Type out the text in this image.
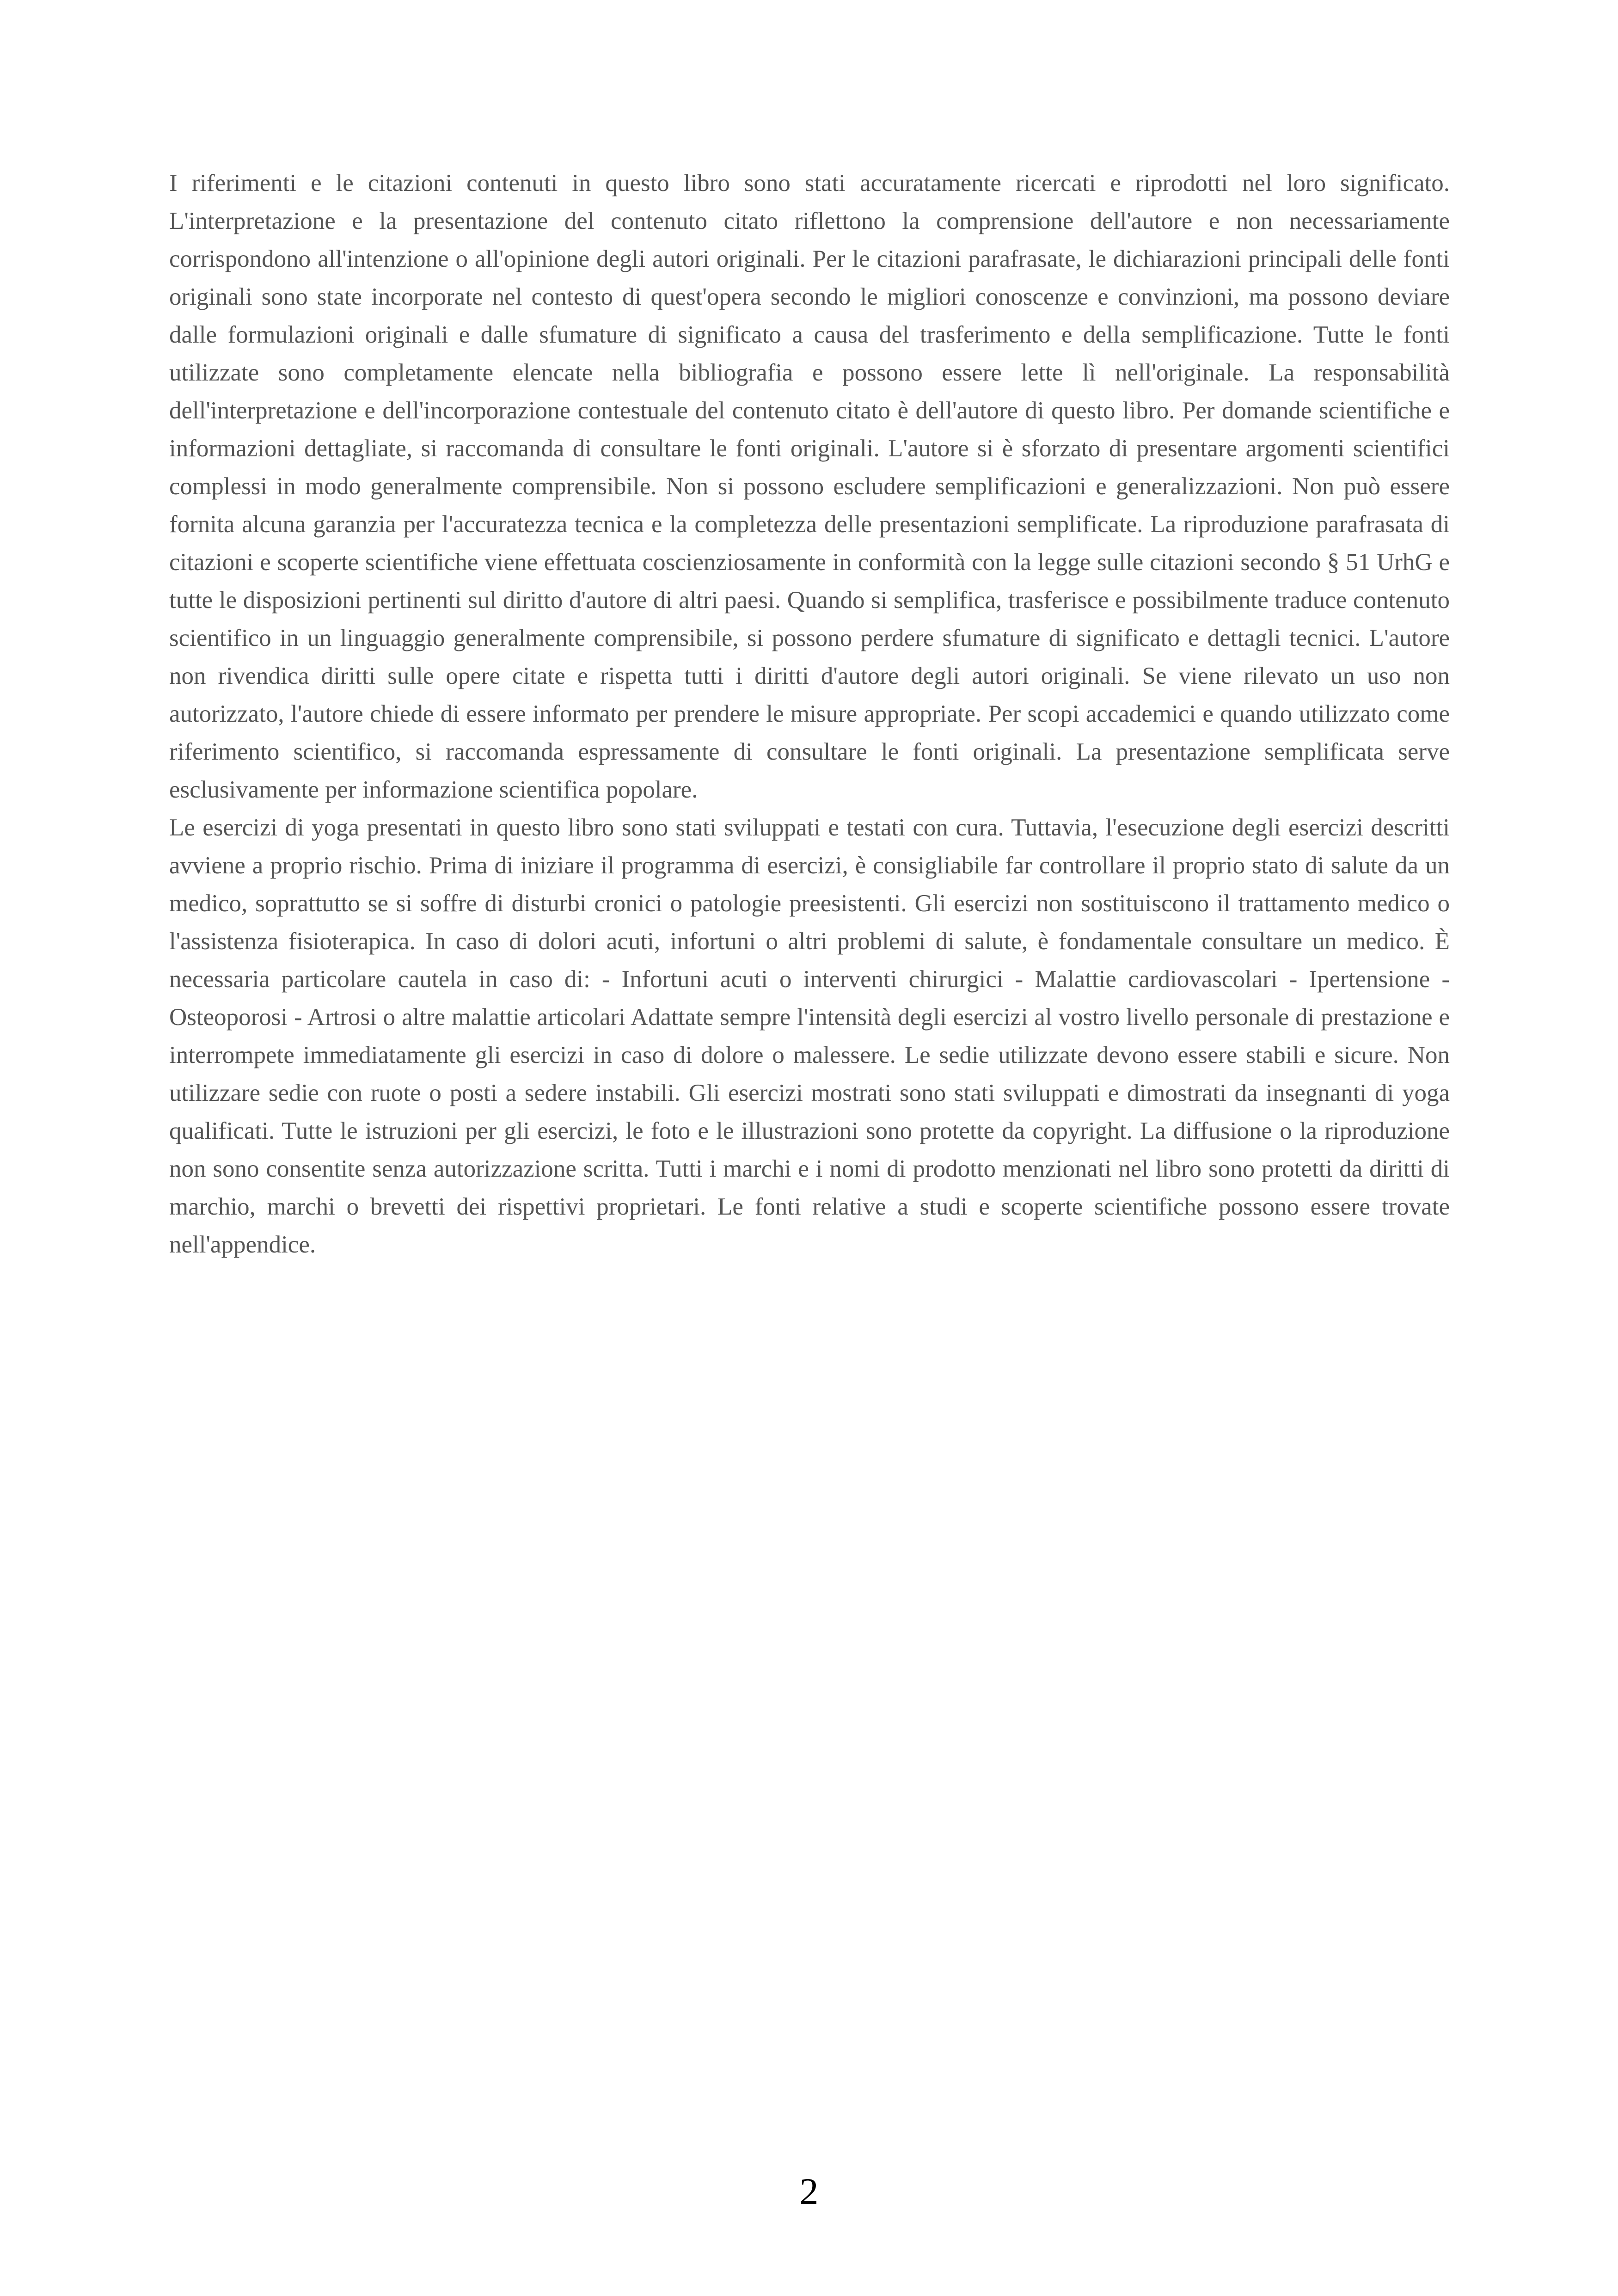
I riferimenti e le citazioni contenuti in questo libro sono stati accuratamente ricercati e riprodotti nel loro significato. L'interpretazione e la presentazione del contenuto citato riflettono la comprensione dell'autore e non necessariamente corrispondono all'intenzione o all'opinione degli autori originali. Per le citazioni parafrasate, le dichiarazioni principali delle fonti originali sono state incorporate nel contesto di quest'opera secondo le migliori conoscenze e convinzioni, ma possono deviare dalle formulazioni originali e dalle sfumature di significato a causa del trasferimento e della semplificazione. Tutte le fonti utilizzate sono completamente elencate nella bibliografia e possono essere lette lì nell'originale. La responsabilità dell'interpretazione e dell'incorporazione contestuale del contenuto citato è dell'autore di questo libro. Per domande scientifiche e informazioni dettagliate, si raccomanda di consultare le fonti originali. L'autore si è sforzato di presentare argomenti scientifici complessi in modo generalmente comprensibile. Non si possono escludere semplificazioni e generalizzazioni. Non può essere fornita alcuna garanzia per l'accuratezza tecnica e la completezza delle presentazioni semplificate. La riproduzione parafrasata di citazioni e scoperte scientifiche viene effettuata coscienziosamente in conformità con la legge sulle citazioni secondo § 51 UrhG e tutte le disposizioni pertinenti sul diritto d'autore di altri paesi. Quando si semplifica, trasferisce e possibilmente traduce contenuto scientifico in un linguaggio generalmente comprensibile, si possono perdere sfumature di significato e dettagli tecnici. L'autore non rivendica diritti sulle opere citate e rispetta tutti i diritti d'autore degli autori originali. Se viene rilevato un uso non autorizzato, l'autore chiede di essere informato per prendere le misure appropriate. Per scopi accademici e quando utilizzato come riferimento scientifico, si raccomanda espressamente di consultare le fonti originali. La presentazione semplificata serve esclusivamente per informazione scientifica popolare.

Le esercizi di yoga presentati in questo libro sono stati sviluppati e testati con cura. Tuttavia, l'esecuzione degli esercizi descritti avviene a proprio rischio. Prima di iniziare il programma di esercizi, è consigliabile far controllare il proprio stato di salute da un medico, soprattutto se si soffre di disturbi cronici o patologie preesistenti. Gli esercizi non sostituiscono il trattamento medico o l'assistenza fisioterapica. In caso di dolori acuti, infortuni o altri problemi di salute, è fondamentale consultare un medico. È necessaria particolare cautela in caso di: - Infortuni acuti o interventi chirurgici - Malattie cardiovascolari - Ipertensione - Osteoporosi - Artrosi o altre malattie articolari Adattate sempre l'intensità degli esercizi al vostro livello personale di prestazione e interrompete immediatamente gli esercizi in caso di dolore o malessere. Le sedie utilizzate devono essere stabili e sicure. Non utilizzare sedie con ruote o posti a sedere instabili. Gli esercizi mostrati sono stati sviluppati e dimostrati da insegnanti di yoga qualificati. Tutte le istruzioni per gli esercizi, le foto e le illustrazioni sono protette da copyright. La diffusione o la riproduzione non sono consentite senza autorizzazione scritta. Tutti i marchi e i nomi di prodotto menzionati nel libro sono protetti da diritti di marchio, marchi o brevetti dei rispettivi proprietari. Le fonti relative a studi e scoperte scientifiche possono essere trovate nell'appendice.

2
